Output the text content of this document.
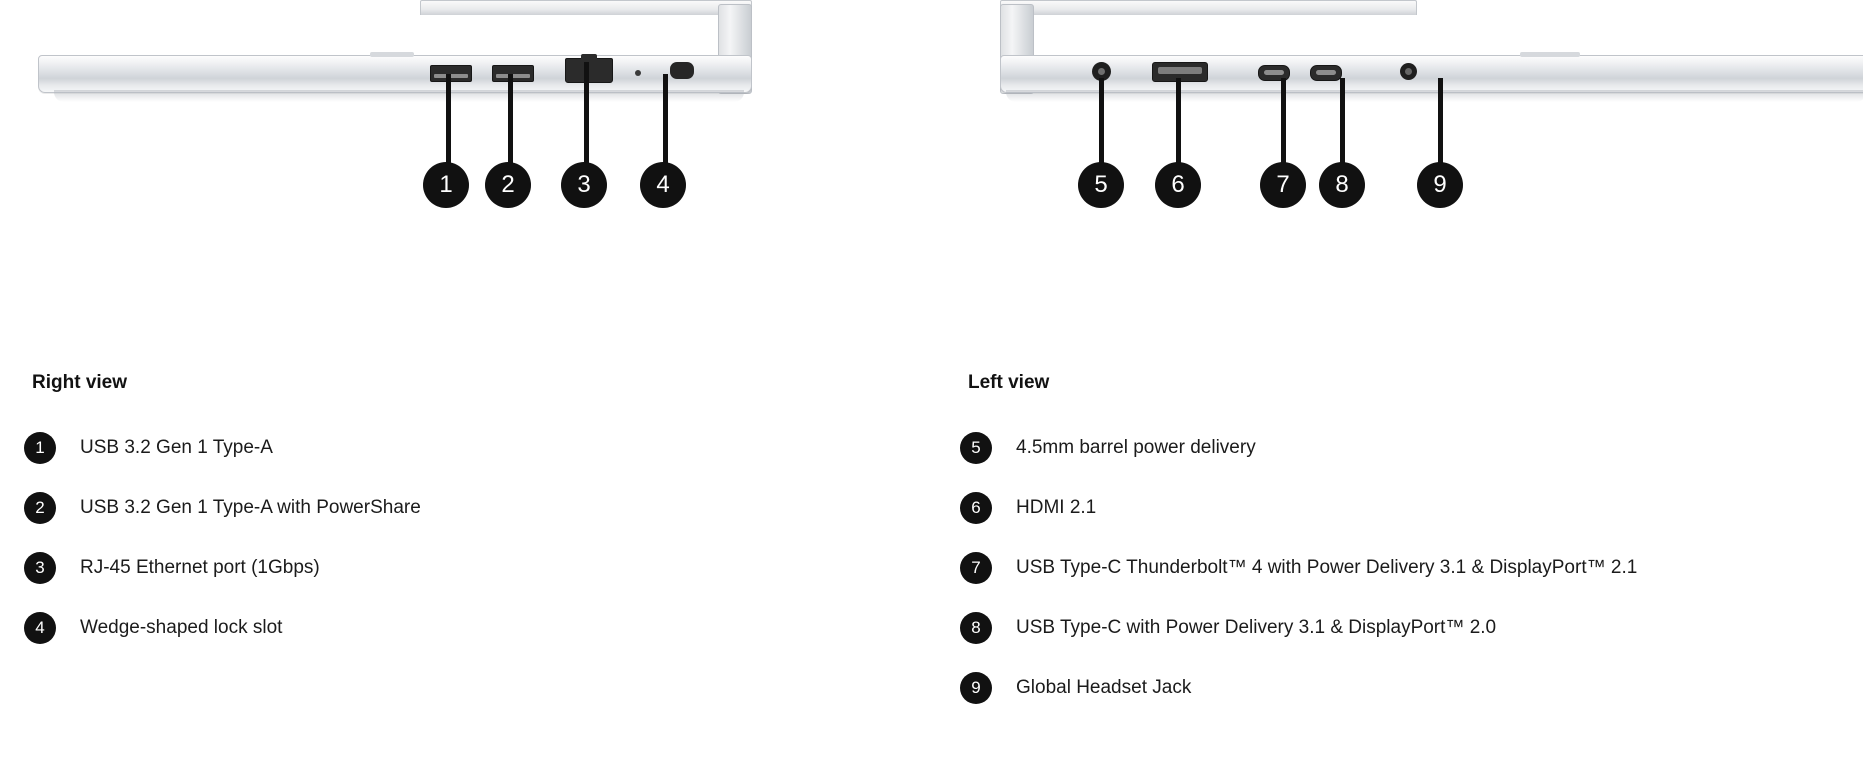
1	2	3	4	5	6	7	8	9
Right view
1	USB 3.2 Gen 1 Type-A
2	USB 3.2 Gen 1 Type-A with PowerShare
3	RJ-45 Ethernet port (1Gbps)
4	Wedge-shaped lock slot
Left view
5	4.5mm barrel power delivery
6	HDMI 2.1
7	USB Type-C Thunderbolt™ 4 with Power Delivery 3.1 & DisplayPort™ 2.1
8	USB Type-C with Power Delivery 3.1 & DisplayPort™ 2.0
9	Global Headset Jack
